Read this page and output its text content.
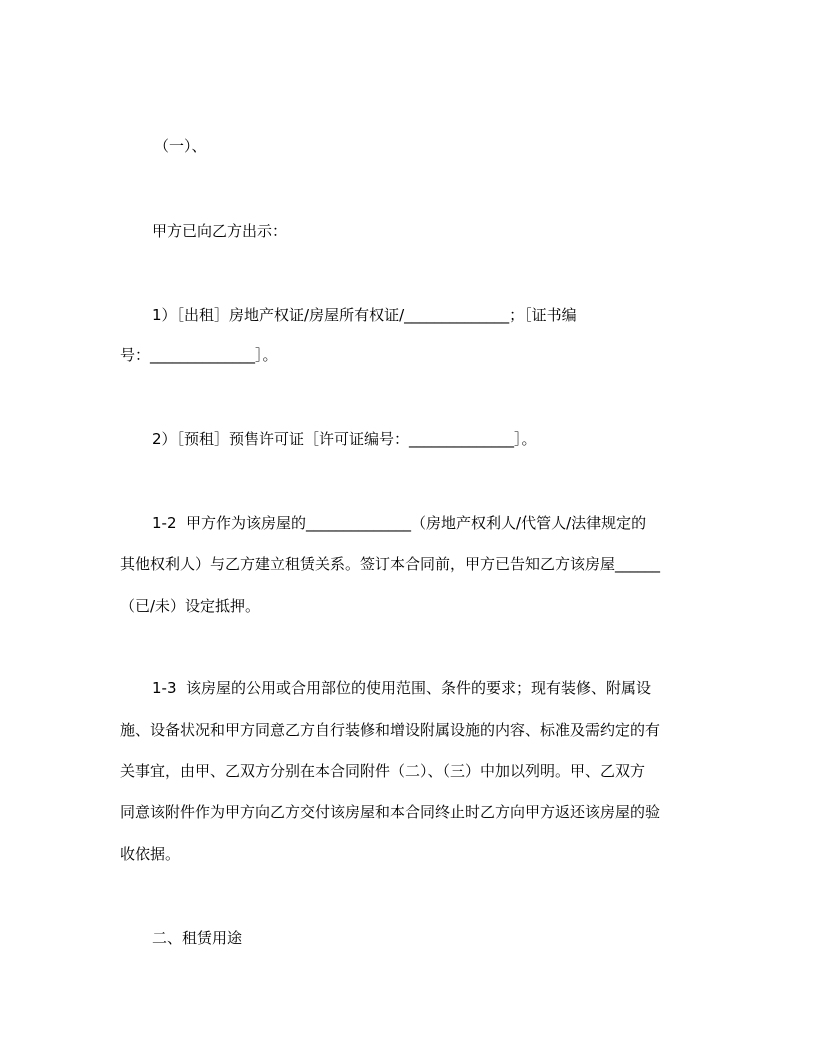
（一）、
甲方已向乙方出示：
1）［出租］房地产权证/房屋所有权证/______________；［证书编
号：______________］。
2）［预租］预售许可证［许可证编号：______________］。
1-2  甲方作为该房屋的______________（房地产权利人/代管人/法律规定的
其他权利人）与乙方建立租赁关系。签订本合同前，甲方已告知乙方该房屋______
（已/未）设定抵押。
1-3  该房屋的公用或合用部位的使用范围、条件的要求；现有装修、附属设
施、设备状况和甲方同意乙方自行装修和增设附属设施的内容、标准及需约定的有
关事宜，由甲、乙双方分别在本合同附件（二）、（三）中加以列明。甲、乙双方
同意该附件作为甲方向乙方交付该房屋和本合同终止时乙方向甲方返还该房屋的验
收依据。
二、租赁用途
